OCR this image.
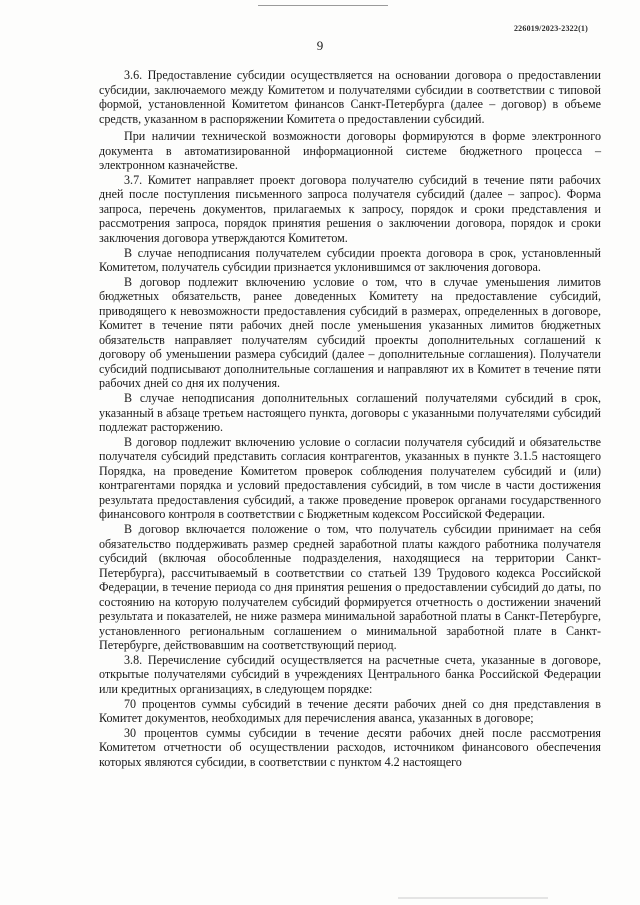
226019/2023-2322(1)
9

3.6. Предоставление субсидии осуществляется на основании договора о предоставлении субсидии, заключаемого между Комитетом и получателями субсидии в соответствии с типовой формой, установленной Комитетом финансов Санкт-Петербурга (далее – договор) в объеме средств, указанном в распоряжении Комитета о предоставлении субсидий.

При наличии технической возможности договоры формируются в форме электронного документа в автоматизированной информационной системе бюджетного процесса – электронном казначействе.

3.7. Комитет направляет проект договора получателю субсидий в течение пяти рабочих дней после поступления письменного запроса получателя субсидий (далее – запрос). Форма запроса, перечень документов, прилагаемых к запросу, порядок и сроки представления и рассмотрения запроса, порядок принятия решения о заключении договора, порядок и сроки заключения договора утверждаются Комитетом.

В случае неподписания получателем субсидии проекта договора в срок, установленный Комитетом, получатель субсидии признается уклонившимся от заключения договора.

В договор подлежит включению условие о том, что в случае уменьшения лимитов бюджетных обязательств, ранее доведенных Комитету на предоставление субсидий, приводящего к невозможности предоставления субсидий в размерах, определенных в договоре, Комитет в течение пяти рабочих дней после уменьшения указанных лимитов бюджетных обязательств направляет получателям субсидий проекты дополнительных соглашений к договору об уменьшении размера субсидий (далее – дополнительные соглашения). Получатели субсидий подписывают дополнительные соглашения и направляют их в Комитет в течение пяти рабочих дней со дня их получения.

В случае неподписания дополнительных соглашений получателями субсидий в срок, указанный в абзаце третьем настоящего пункта, договоры с указанными получателями субсидий подлежат расторжению.

В договор подлежит включению условие о согласии получателя субсидий и обязательстве получателя субсидий представить согласия контрагентов, указанных в пункте 3.1.5 настоящего Порядка, на проведение Комитетом проверок соблюдения получателем субсидий и (или) контрагентами порядка и условий предоставления субсидий, в том числе в части достижения результата предоставления субсидий, а также проведение проверок органами государственного финансового контроля в соответствии с Бюджетным кодексом Российской Федерации.

В договор включается положение о том, что получатель субсидии принимает на себя обязательство поддерживать размер средней заработной платы каждого работника получателя субсидий (включая обособленные подразделения, находящиеся на территории Санкт-Петербурга), рассчитываемый в соответствии со статьей 139 Трудового кодекса Российской Федерации, в течение периода со дня принятия решения о предоставлении субсидий до даты, по состоянию на которую получателем субсидий формируется отчетность о достижении значений результата и показателей, не ниже размера минимальной заработной платы в Санкт-Петербурге, установленного региональным соглашением о минимальной заработной плате в Санкт-Петербурге, действовавшим на соответствующий период.

3.8. Перечисление субсидий осуществляется на расчетные счета, указанные в договоре, открытые получателями субсидий в учреждениях Центрального банка Российской Федерации или кредитных организациях, в следующем порядке:

70 процентов суммы субсидий в течение десяти рабочих дней со дня представления в Комитет документов, необходимых для перечисления аванса, указанных в договоре;

30 процентов суммы субсидии в течение десяти рабочих дней после рассмотрения Комитетом отчетности об осуществлении расходов, источником финансового обеспечения которых являются субсидии, в соответствии с пунктом 4.2 настоящего
